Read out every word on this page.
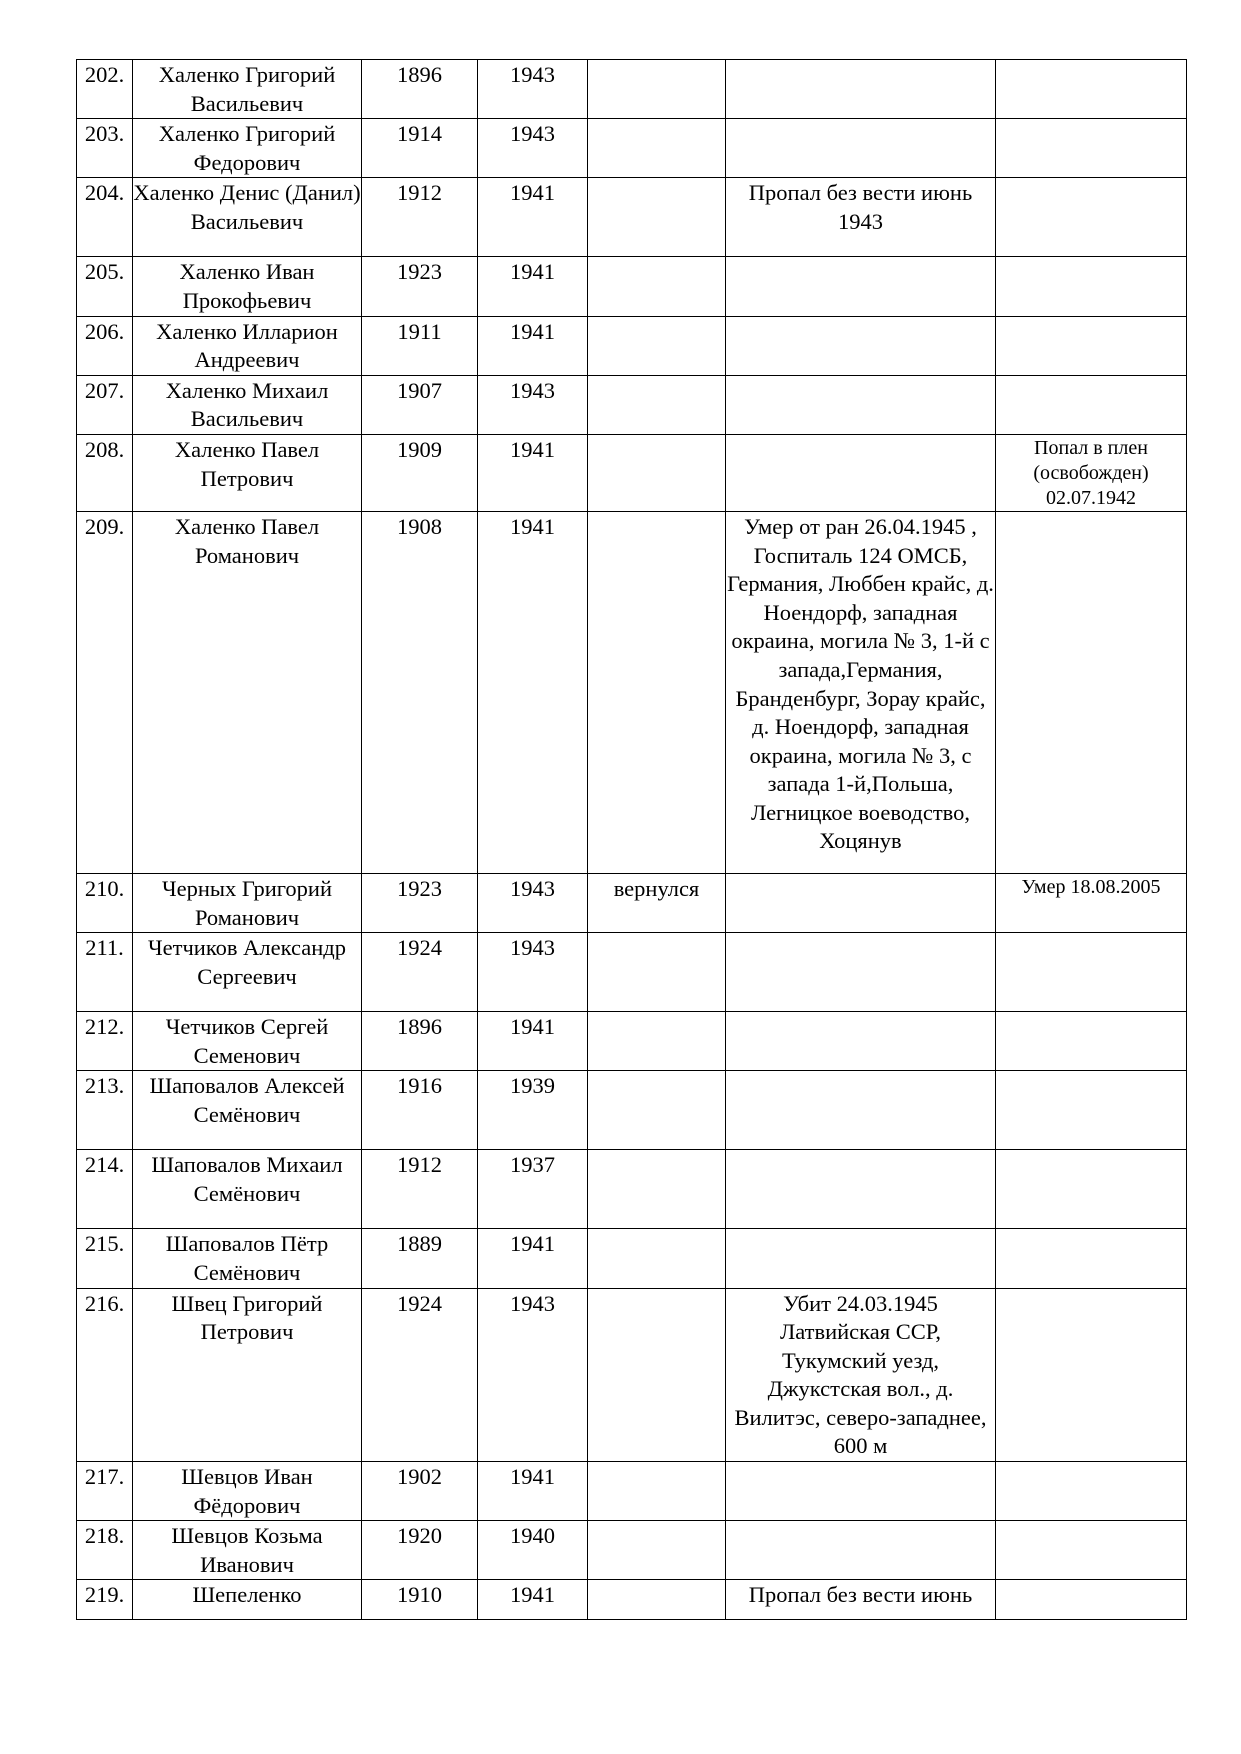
202.	Халенко Григорий Васильевич	1896	1943			
203.	Халенко Григорий Федорович	1914	1943			
204.	Халенко Денис (Данил) Васильевич	1912	1941		Пропал без вести июнь 1943	
205.	Халенко Иван Прокофьевич	1923	1941			
206.	Халенко Илларион Андреевич	1911	1941			
207.	Халенко Михаил Васильевич	1907	1943			
208.	Халенко Павел Петрович	1909	1941			Попал в плен (освобожден) 02.07.1942
209.	Халенко Павел Романович	1908	1941		Умер от ран 26.04.1945 , Госпиталь 124 ОМСБ, Германия, Люббен крайс, д. Ноендорф, западная окраина, могила № 3, 1-й с запада,Германия, Бранденбург, Зорау крайс, д. Ноендорф, западная окраина, могила № 3, с запада 1-й,Польша, Легницкое воеводство, Хоцянув	
210.	Черных Григорий Романович	1923	1943	вернулся		Умер 18.08.2005
211.	Четчиков Александр Сергеевич	1924	1943			
212.	Четчиков Сергей Семенович	1896	1941			
213.	Шаповалов Алексей Семёнович	1916	1939			
214.	Шаповалов Михаил Семёнович	1912	1937			
215.	Шаповалов Пётр Семёнович	1889	1941			
216.	Швец Григорий Петрович	1924	1943		Убит 24.03.1945 Латвийская ССР, Тукумский уезд, Джукстская вол., д. Вилитэс, северо-западнее, 600 м	
217.	Шевцов Иван Фёдорович	1902	1941			
218.	Шевцов Козьма Иванович	1920	1940			
219.	Шепеленко	1910	1941		Пропал без вести июнь	
